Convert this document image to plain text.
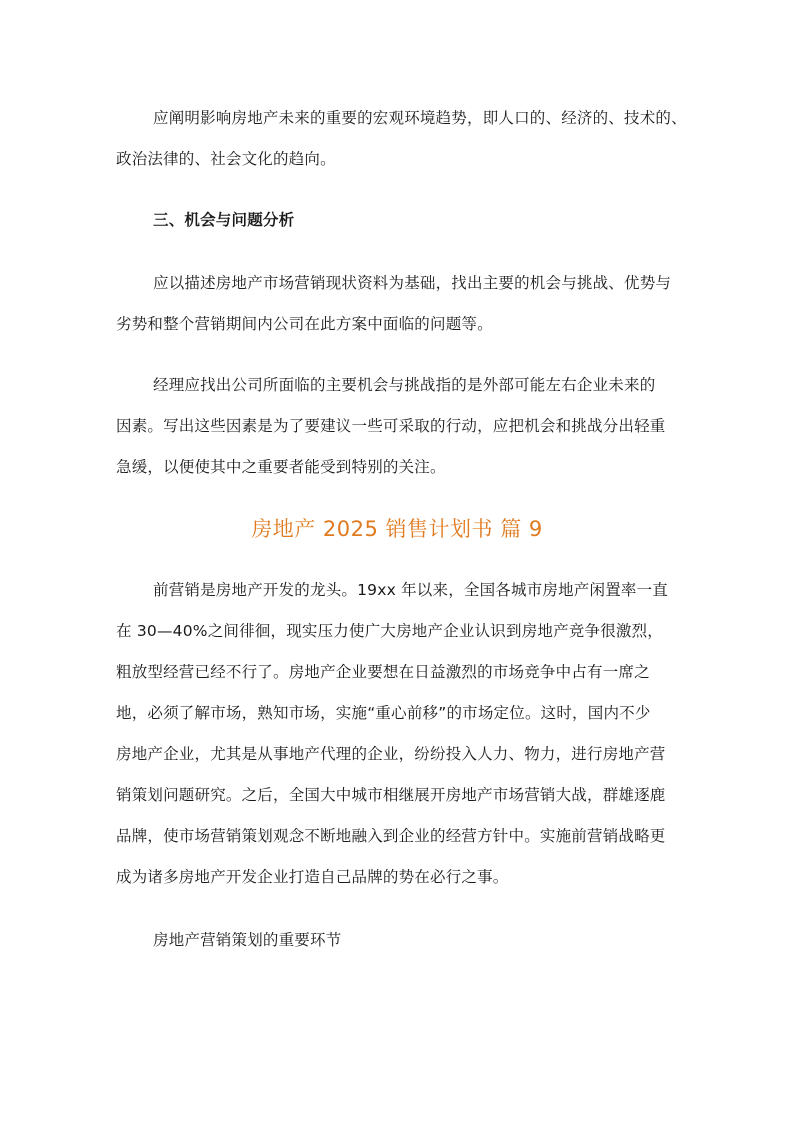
应阐明影响房地产未来的重要的宏观环境趋势，即人口的、经济的、技术的、
政治法律的、社会文化的趋向。
三、机会与问题分析
应以描述房地产市场营销现状资料为基础，找出主要的机会与挑战、优势与
劣势和整个营销期间内公司在此方案中面临的问题等。
经理应找出公司所面临的主要机会与挑战指的是外部可能左右企业未来的
因素。写出这些因素是为了要建议一些可采取的行动，应把机会和挑战分出轻重
急缓，以便使其中之重要者能受到特别的关注。
房地产 2025 销售计划书 篇 9
前营销是房地产开发的龙头。19xx 年以来，全国各城市房地产闲置率一直
在 30—40%之间徘徊，现实压力使广大房地产企业认识到房地产竞争很激烈，
粗放型经营已经不行了。房地产企业要想在日益激烈的市场竞争中占有一席之
地，必须了解市场，熟知市场，实施“重心前移”的市场定位。这时，国内不少
房地产企业，尤其是从事地产代理的企业，纷纷投入人力、物力，进行房地产营
销策划问题研究。之后，全国大中城市相继展开房地产市场营销大战，群雄逐鹿
品牌，使市场营销策划观念不断地融入到企业的经营方针中。实施前营销战略更
成为诸多房地产开发企业打造自己品牌的势在必行之事。
房地产营销策划的重要环节
